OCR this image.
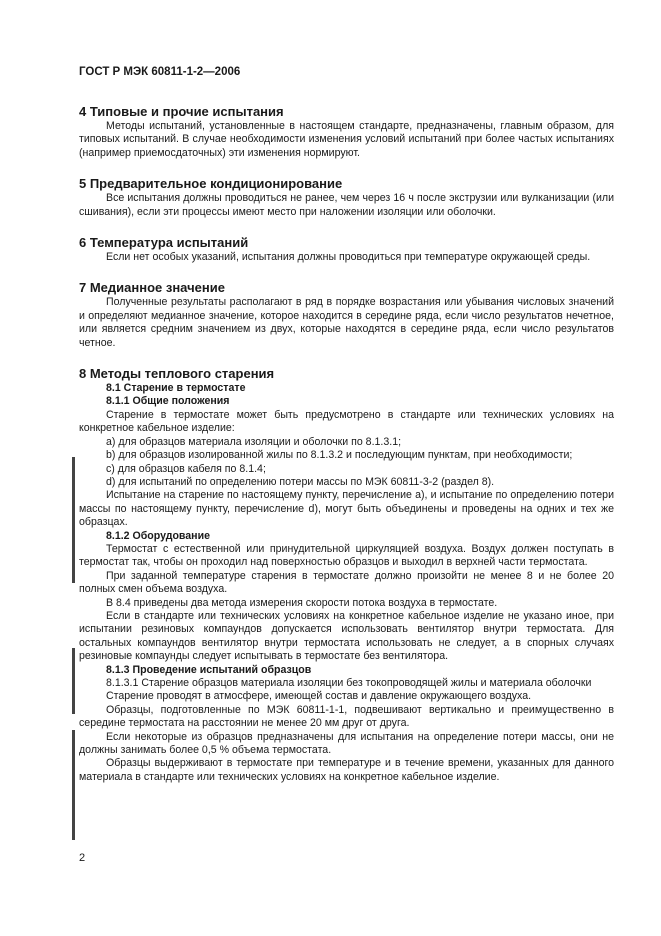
ГОСТ Р МЭК 60811-1-2—2006

4 Типовые и прочие испытания

Методы испытаний, установленные в настоящем стандарте, предназначены, главным образом, для типовых испытаний. В случае необходимости изменения условий испытаний при более частых испытаниях (например приемосдаточных) эти изменения нормируют.

5 Предварительное кондиционирование

Все испытания должны проводиться не ранее, чем через 16 ч после экструзии или вулканизации (или сшивания), если эти процессы имеют место при наложении изоляции или оболочки.

6 Температура испытаний

Если нет особых указаний, испытания должны проводиться при температуре окружающей среды.

7 Медианное значение

Полученные результаты располагают в ряд в порядке возрастания или убывания числовых значений и определяют медианное значение, которое находится в середине ряда, если число результатов нечетное, или является средним значением из двух, которые находятся в середине ряда, если число результатов четное.

8 Методы теплового старения

8.1 Старение в термостате

8.1.1 Общие положения

Старение в термостате может быть предусмотрено в стандарте или технических условиях на конкретное кабельное изделие:

a) для образцов материала изоляции и оболочки по 8.1.3.1;

b) для образцов изолированной жилы по 8.1.3.2 и последующим пунктам, при необходимости;

c) для образцов кабеля по 8.1.4;

d) для испытаний по определению потери массы по МЭК 60811-3-2 (раздел 8).

Испытание на старение по настоящему пункту, перечисление а), и испытание по определению потери массы по настоящему пункту, перечисление d), могут быть объединены и проведены на одних и тех же образцах.

8.1.2 Оборудование

Термостат с естественной или принудительной циркуляцией воздуха. Воздух должен поступать в термостат так, чтобы он проходил над поверхностью образцов и выходил в верхней части термостата.

При заданной температуре старения в термостате должно произойти не менее 8 и не более 20 полных смен объема воздуха.

В 8.4 приведены два метода измерения скорости потока воздуха в термостате.

Если в стандарте или технических условиях на конкретное кабельное изделие не указано иное, при испытании резиновых компаундов допускается использовать вентилятор внутри термостата. Для остальных компаундов вентилятор внутри термостата использовать не следует, а в спорных случаях резиновые компаунды следует испытывать в термостате без вентилятора.

8.1.3 Проведение испытаний образцов

8.1.3.1 Старение образцов материала изоляции без токопроводящей жилы и материала оболочки

Старение проводят в атмосфере, имеющей состав и давление окружающего воздуха.

Образцы, подготовленные по МЭК 60811-1-1, подвешивают вертикально и преимущественно в середине термостата на расстоянии не менее 20 мм друг от друга.

Если некоторые из образцов предназначены для испытания на определение потери массы, они не должны занимать более 0,5 % объема термостата.

Образцы выдерживают в термостате при температуре и в течение времени, указанных для данного материала в стандарте или технических условиях на конкретное кабельное изделие.

2
